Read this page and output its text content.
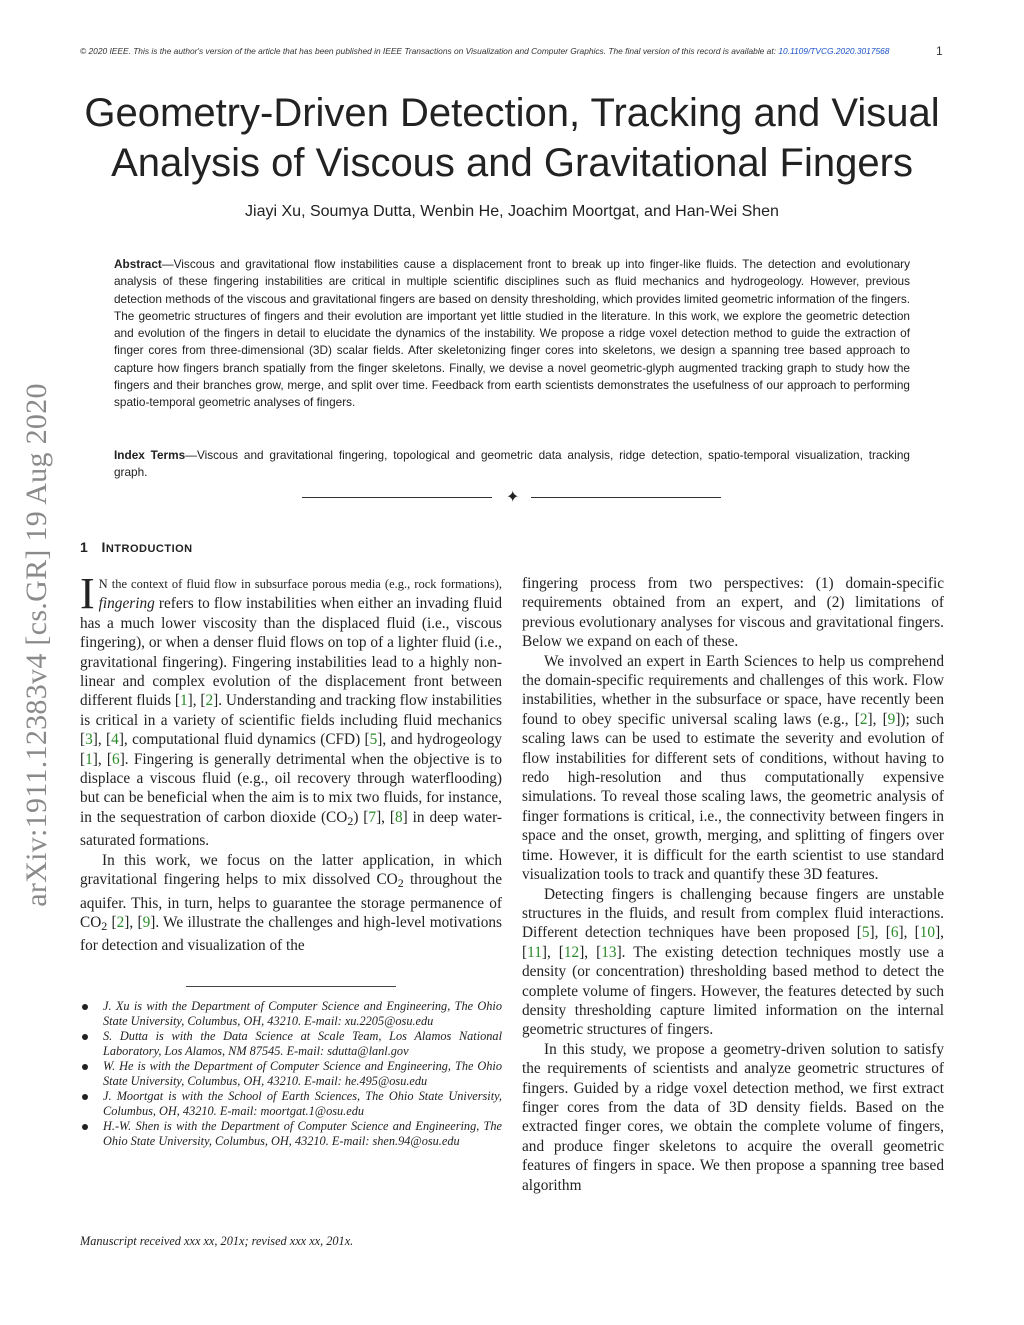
© 2020 IEEE. This is the author's version of the article that has been published in IEEE Transactions on Visualization and Computer Graphics. The final version of this record is available at: 10.1109/TVCG.2020.3017568	1
arXiv:1911.12383v4 [cs.GR] 19 Aug 2020
Geometry-Driven Detection, Tracking and Visual
Analysis of Viscous and Gravitational Fingers
Jiayi Xu, Soumya Dutta, Wenbin He, Joachim Moortgat, and Han-Wei Shen
Abstract—Viscous and gravitational flow instabilities cause a displacement front to break up into finger-like fluids. The detection and evolutionary analysis of these fingering instabilities are critical in multiple scientific disciplines such as fluid mechanics and hydrogeology. However, previous detection methods of the viscous and gravitational fingers are based on density thresholding, which provides limited geometric information of the fingers. The geometric structures of fingers and their evolution are important yet little studied in the literature. In this work, we explore the geometric detection and evolution of the fingers in detail to elucidate the dynamics of the instability. We propose a ridge voxel detection method to guide the extraction of finger cores from three-dimensional (3D) scalar fields. After skeletonizing finger cores into skeletons, we design a spanning tree based approach to capture how fingers branch spatially from the finger skeletons. Finally, we devise a novel geometric-glyph augmented tracking graph to study how the fingers and their branches grow, merge, and split over time. Feedback from earth scientists demonstrates the usefulness of our approach to performing spatio-temporal geometric analyses of fingers.
Index Terms—Viscous and gravitational fingering, topological and geometric data analysis, ridge detection, spatio-temporal visualization, tracking graph.
✦
1 INTRODUCTION

I N the context of fluid flow in subsurface porous media (e.g., rock formations), fingering refers to flow instabilities when either an invading fluid has a much lower viscosity than the displaced fluid (i.e., viscous fingering), or when a denser fluid flows on top of a lighter fluid (i.e., gravitational fingering). Fingering instabilities lead to a highly non-linear and complex evolution of the displacement front between different fluids [1], [2]. Understanding and tracking flow instabilities is critical in a variety of scientific fields including fluid mechanics [3], [4], computational fluid dynamics (CFD) [5], and hydrogeology [1], [6]. Fingering is generally detrimental when the objective is to displace a viscous fluid (e.g., oil recovery through waterflooding) but can be beneficial when the aim is to mix two fluids, for instance, in the sequestration of carbon dioxide $(CO_2)$ [7], [8] in deep water-saturated formations.

In this work, we focus on the latter application, in which gravitational fingering helps to mix dissolved $CO_2$ throughout the aquifer. This, in turn, helps to guarantee the storage permanence of $CO_2$ [2], [9]. We illustrate the challenges and high-level motivations for detection and visualization of the

J. Xu is with the Department of Computer Science and Engineering, The Ohio State University, Columbus, OH, 43210. E-mail: xu.2205@osu.edu
S. Dutta is with the Data Science at Scale Team, Los Alamos National Laboratory, Los Alamos, NM 87545. E-mail: sdutta@lanl.gov
W. He is with the Department of Computer Science and Engineering, The Ohio State University, Columbus, OH, 43210. E-mail: he.495@osu.edu
J. Moortgat is with the School of Earth Sciences, The Ohio State University, Columbus, OH, 43210. E-mail: moortgat.1@osu.edu
H.-W. Shen is with the Department of Computer Science and Engineering, The Ohio State University, Columbus, OH, 43210. E-mail: shen.94@osu.edu
Manuscript received xxx xx, 201x; revised xxx xx, 201x.

fingering process from two perspectives: (1) domain-specific requirements obtained from an expert, and (2) limitations of previous evolutionary analyses for viscous and gravitational fingers. Below we expand on each of these.

We involved an expert in Earth Sciences to help us comprehend the domain-specific requirements and challenges of this work. Flow instabilities, whether in the subsurface or space, have recently been found to obey specific universal scaling laws (e.g., [2], [9]); such scaling laws can be used to estimate the severity and evolution of flow instabilities for different sets of conditions, without having to redo high-resolution and thus computationally expensive simulations. To reveal those scaling laws, the geometric analysis of finger formations is critical, i.e., the connectivity between fingers in space and the onset, growth, merging, and splitting of fingers over time. However, it is difficult for the earth scientist to use standard visualization tools to track and quantify these 3D features.

Detecting fingers is challenging because fingers are unstable structures in the fluids, and result from complex fluid interactions. Different detection techniques have been proposed [5], [6], [10], [11], [12], [13]. The existing detection techniques mostly use a density (or concentration) thresholding based method to detect the complete volume of fingers. However, the features detected by such density thresholding capture limited information on the internal geometric structures of fingers.

In this study, we propose a geometry-driven solution to satisfy the requirements of scientists and analyze geometric structures of fingers. Guided by a ridge voxel detection method, we first extract finger cores from the data of 3D density fields. Based on the extracted finger cores, we obtain the complete volume of fingers, and produce finger skeletons to acquire the overall geometric features of fingers in space. We then propose a spanning tree based algorithm
